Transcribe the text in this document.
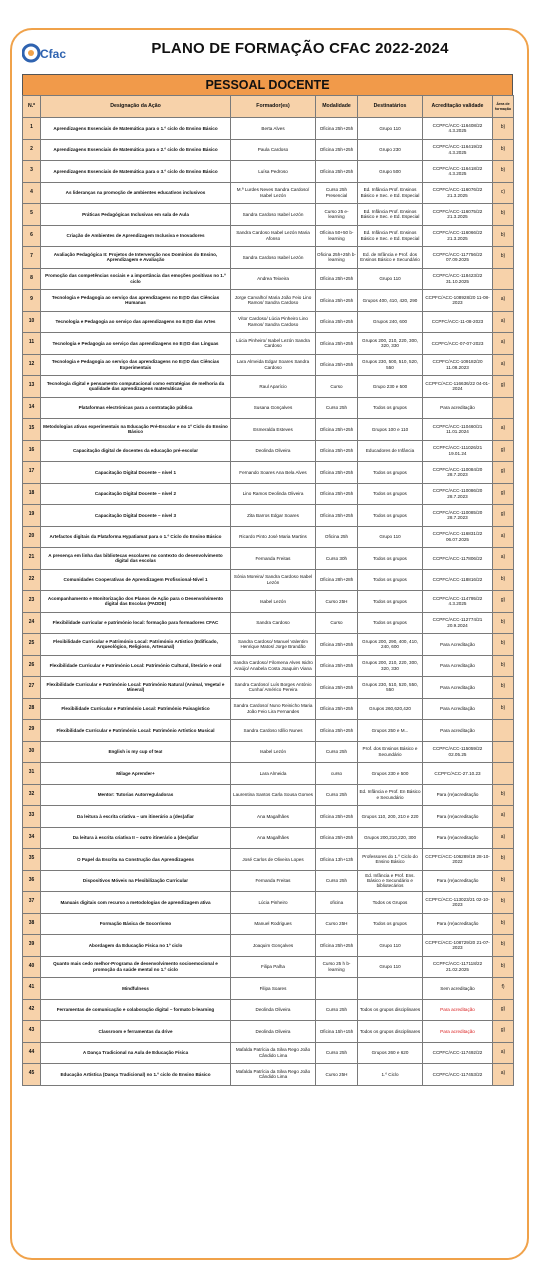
Cfac	PLANO DE FORMAÇÃO CFAC 2022-2024
PESSOAL DOCENTE
N.º	Designação da Ação	Formador(es)	Modalidade	Destinatários	Acreditação validade	Área de formação
1	Aprendizagens Essenciais de Matemática para o 1.º ciclo do Ensino Básico	Berta Alves	Oficina 25h+25h	Grupo 110	CCPFC/ACC-116408/22 4.3.2025	b)
2	Aprendizagens Essenciais de Matemática para o 2.º ciclo do Ensino Básico	Paula Cardoso	Oficina 25h+25h	Grupo 230	CCPFC/ACC-116419/22 4.3.2025	b)
3	Aprendizagens Essenciais de Matemática para o 3.º ciclo do Ensino Básico	Luísa Pedroso	Oficina 25h+25h	Grupo 500	CCPFC/ACC-116418/22 4.3.2025	b)
4	As lideranças na promoção de ambientes educativos inclusivos	M.ª Lurdes Neves Sandra Cardoso/ Isabel Lezón	Curso 25h Presencial	Ed. Infância Prof. Ensinos Básico e Sec. e Ed. Especial	CCPFC/ACC-116076/22 21.3.2025	c)
5	Práticas Pedagógicas Inclusivas em sala de Aula	Sandra Cardoso Isabel Lezón	Curso 25 e-learning	Ed. Infância Prof. Ensinos Básico e Sec. e Ed. Especial	CCPFC/ACC-116075/22 21.3.2025	b)
6	Criação de Ambientes de Aprendizagem Inclusiva e Inovadores	Sandra Cardoso Isabel Lezón Maria Afonso	Oficina 50+50 b-learning	Ed. Infância Prof. Ensinos Básico e Sec. e Ed. Especial	CCPFC/ACC-116066/22 21.3.2025	b)
7	Avaliação Pedagógica II: Projetos de Intervenção nos Domínios do Ensino, Aprendizagem e Avaliação	Sandra Cardoso Isabel Lezón	Oficina 25h+25h b-learning	Ed. de Infância e Prof. dos Ensinos Básico e Secundário	CCPFC/ACC-117756/22 07.09.2025	b)
8	Promoção das competências sociais e a importância das emoções positivas no 1.º ciclo	Andrea Teixeira	Oficina 25h+25h	Grupo 110	CCPFC/ACC-118423/22 31.10.2025	
9	Tecnologia e Pedagogia ao serviço das aprendizagens no E@D das Ciências Humanas	Jorge Carvalho/ Maria João Feio Lino Ramos/ Sandra Cardoso	Oficina 25h+25h	Grupos 400, 410, 420, 290	CCPFC/ACC-108928/20 11-08-2023	a)
10	Tecnologia e Pedagogia ao serviço das aprendizagens no E@D das Artes	Vítor Cardoso/ Lúcia Pinheiro Lino Ramos/ Sandra Cardoso	Oficina 25h+25h	Grupos 240, 600	CCPFC/ACC-11-08-2023	a)
11	Tecnologia e Pedagogia ao serviço das aprendizagens no E@D das Línguas	Lúcia Pinheiro/ Isabel Lezón Sandra Cardoso	Oficina 25h+25h	Grupos 200, 210, 220, 300, 320, 330	CCPFC/ACC-07-07-2023	a)
12	Tecnologia e Pedagogia ao serviço das aprendizagens no E@D das Ciências Experimentais	Lara Almeida Edgar Soares Sandra Cardoso	Oficina 25h+25h	Grupos 230, 500, 510, 520, 550	CCPFC/ACC-109182/20 11.08.2023	a)
13	Tecnologia digital e pensamento computacional como estratégias de melhoria da qualidade das aprendizagens matemáticas	Raul Aparício	Curso	Grupo 230 e 500	CCPFC/ACC-116636/22 04-01-2024	g)
14	Plataformas electrónicas para a contratação pública	Susana Gonçalves	Curso 25h	Todos os grupos	Para acreditação	
15	Metodologias ativas experimentais na Educação Pré-Escolar e no 1º Ciclo do Ensino Básico	Esmeralda Esteves	Oficina 25h+25h	Grupos 100 e 110	CCPFC/ACC-110460/21 11.01.2024	a)
16	Capacitação digital de docentes da educação pré-escolar	Deolinda Oliveira	Oficina 25h+25h	Educadores de Infância	CCPFC/ACC-111026/21 19.01.24	g)
17	Capacitação Digital Docente – nível 1	Fernando Soares Ana Bela Alves	Oficina 25h+25h	Todos os grupos	CCPFC/ACC-110084/20 28.7.2023	g)
18	Capacitação Digital Docente – nível 2	Lino Ramos Deolinda Oliveira	Oficina 25h+25h	Todos os grupos	CCPFC/ACC-110086/20 28.7.2023	g)
19	Capacitação Digital Docente – nível 3	Zita Barros Edgar Soares	Oficina 25h+25h	Todos os grupos	CCPFC/ACC-110085/20 28.7.2023	g)
20	Artefactos digitais da Plataforma Hypatiamat para o 1.º Ciclo do Ensino Básico	Ricardo Pinto José Maria Martins	Oficina 25h	Grupo 110	CCPFC/ACC-116831/22 06.07.2025	a)
21	A presença em linha das bibliotecas escolares no contexto do desenvolvimento digital das escolas	Fernanda Freitas	Curso 30h	Todos os grupos	CCPFC/ACC-117806/22	a)
22	Comunidades Cooperativas de Aprendizagem Profissional-Nível 1	Sónia Moreira/ Sandra Cardoso Isabel Lezón	Oficina 28h+28h	Todos os grupos	CCPFC/ACC-118816/22	b)
23	Acompanhamento e Monitorização dos Planos de Ação para o Desenvolvimento digital das Escolas (PADDE)	Isabel Lezón	Curso 25H	Todos os grupos	CCPFC/ACC-114795/22 4.3.2025	g)
24	Flexibilidade curricular e património local: formação para formadores CFAC	Sandra Cardoso	Curso	Todos os grupos	CCPFC/ACC-112774/21 20.9.2024	b)
25	Flexibilidade Curricular e Património Local: Património Artístico (Edificado, Arqueológico, Religioso, Artesanal)	Sandra Cardoso/ Manuel Valentim Henrique Matos/ Jorge Brandão	Oficina 25h+25h	Grupos 200, 290, 400, 410, 240, 600	Para Acreditação	b)
26	Flexibilidade Curricular e Património Local: Património Cultural, literário e oral	Sandra Cardoso/ Filomena Alves Isidro Araújo/ Anabela Costa Joaquim Viana	Oficina 25h+25h	Grupos 200, 210, 220, 300, 320, 330	Para Acreditação	b)
27	Flexibilidade Curricular e Património Local: Património Natural (Animal, Vegetal e Mineral)	Sandra Cardoso/ Luís Borges António Cunha/ Américo Pereira	Oficina 25h+25h	Grupos 230, 510, 520, 550, 550	Para Acreditação	b)
28	Flexibilidade Curricular e Património Local: Património Paisagístico	Sandra Cardoso/ Nuno Reinicho Maria João Feio Lira Fernandes	Oficina 25h+25h	Grupos 260,620,420	Para Acreditação	b)
29	Flexibilidade Curricular e Património Local: Património Artístico Musical	Sandra Cardoso Idílio Nunes	Oficina 25h+25h	Grupos 250 e M...	Para acreditação	
30	English is my cup of tea!	Isabel Lezón	Curso 25h	Prof. dos Ensinos Básico e Secundário	CCPFC/ACC-115059/22 02.05.25	
31	Milage Aprender+	Lara Almeida	curso	Grupos 230 e 500	CCPFC/ACC-27.10.23	
32	Mentor: Tutorias Autorreguladoras	Laurentina Santos Carla Sousa Gomes	Curso 25h	Ed. Infância e Prof. En Básico e Secundário	Para (re)acreditação	b)
33	Da leitura à escrita criativa – um itinerário a (des)afiar	Ana Magalhães	Oficina 25h+25h	Grupos 110, 200, 210 e 220	Para (re)acreditação	a)
34	Da leitura à escrita criativa II – outro itinerário a (des)afiar	Ana Magalhães	Oficina 25h+25h	Grupos 200,210,220, 300	Para (re)acreditação	a)
35	O Papel da Escrita na Construção das Aprendizagens	José Carlos de Oliveira Lopes	Oficina 13h+13h	Professores do 1.º Ciclo do Ensino Básico	CCPFC/ACC-106289/19 28-10-2022	b)
36	Dispositivos Móveis na Flexibilização Curricular	Fernanda Freitas	Curso 25h	Ed. Infância e Prof. Ens. Básico e Secundário e bibliotecários	Para (re)acreditação	b)
37	Manuais digitais com recurso a metodologias de aprendizagem ativa	Lúcia Pinheiro	oficina	Todos os Grupos	CCPFC/ACC-113023/21 02-10-2023	b)
38	Formação Básica de Socorrismo	Manuel Rodrigues	Curso 25H	Todos os grupos	Para (re)acreditação	b)
39	Abordagem da Educação Física no 1º ciclo	Joaquim Gonçalves	Oficina 25h+25h	Grupo 110	CCPFC/ACC-108729/20 21-07-2023	b)
40	Quanto mais cedo melhor-Programa de desenvolvimento socioemocional e promoção da saúde mental no 1.º ciclo	Filipa Palha	Curso 25 h b-learning	Grupo 110	CCPFC/ACC-117118/22 21.02.2025	b)
41	Mindfulness	Filipa Soares			Sem acreditação	f)
42	Ferramentas de comunicação e colaboração digital – formato b-learning	Deolinda Oliveira	Curso 25h	Todos os grupos disciplinares	Para acreditação	g)
43	Classroom e ferramentas da drive	Deolinda Oliveira	Oficina 15h+15h	Todos os grupos disciplinares	Para acreditação	g)
44	A Dança Tradicional na Aula de Educação Física	Mafalda Patrícia da Silva Rego João Cândido Lima	Curso 25h	Grupos 260 e 620	CCPFC/ACC-117492/22	a)
45	Educação Artística (Dança Tradicional) no 1.º ciclo do Ensino Básico	Mafalda Patrícia da Silva Rego João Cândido Lima	Curso 25H	1.º Ciclo	CCPFC/ACC-117453/22	a)
